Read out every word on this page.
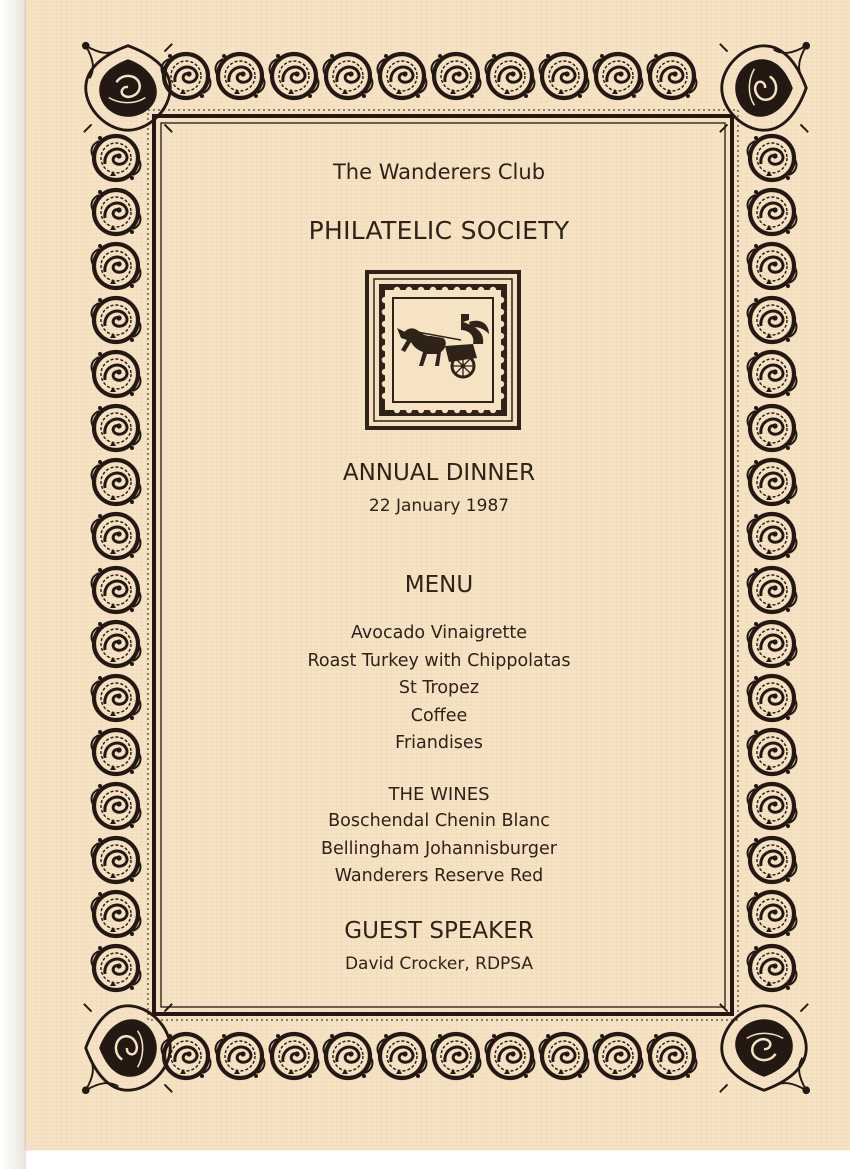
The Wanderers Club

PHILATELIC SOCIETY

ANNUAL DINNER

22 January 1987

MENU

Avocado Vinaigrette
Roast Turkey with Chippolatas
St Tropez
Coffee
Friandises

THE WINES

Boschendal Chenin Blanc
Bellingham Johannisburger
Wanderers Reserve Red

GUEST SPEAKER

David Crocker, RDPSA
